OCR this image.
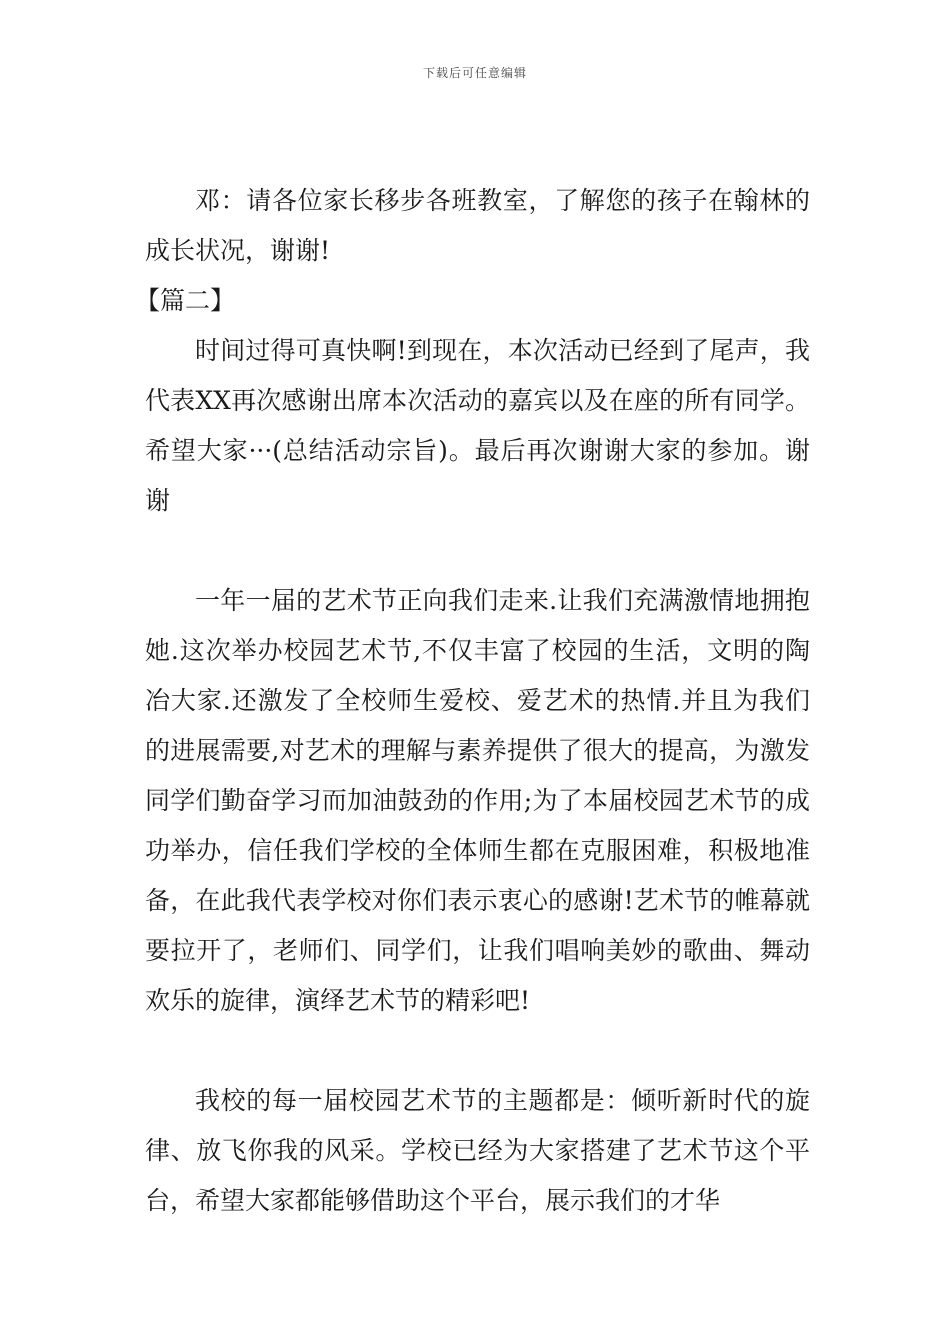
下载后可任意编辑

邓：请各位家长移步各班教室，了解您的孩子在翰林的成长状况，谢谢!

【篇二】

时间过得可真快啊!到现在，本次活动已经到了尾声，我代表XX再次感谢出席本次活动的嘉宾以及在座的所有同学。希望大家···(总结活动宗旨)。最后再次谢谢大家的参加。谢谢

一年一届的艺术节正向我们走来.让我们充满激情地拥抱她.这次举办校园艺术节,不仅丰富了校园的生活，文明的陶冶大家.还激发了全校师生爱校、爱艺术的热情.并且为我们的进展需要,对艺术的理解与素养提供了很大的提高，为激发同学们勤奋学习而加油鼓劲的作用;为了本届校园艺术节的成功举办，信任我们学校的全体师生都在克服困难，积极地准备，在此我代表学校对你们表示衷心的感谢!艺术节的帷幕就要拉开了，老师们、同学们，让我们唱响美妙的歌曲、舞动欢乐的旋律，演绎艺术节的精彩吧!

我校的每一届校园艺术节的主题都是：倾听新时代的旋律、放飞你我的风采。学校已经为大家搭建了艺术节这个平台，希望大家都能够借助这个平台，展示我们的才华
